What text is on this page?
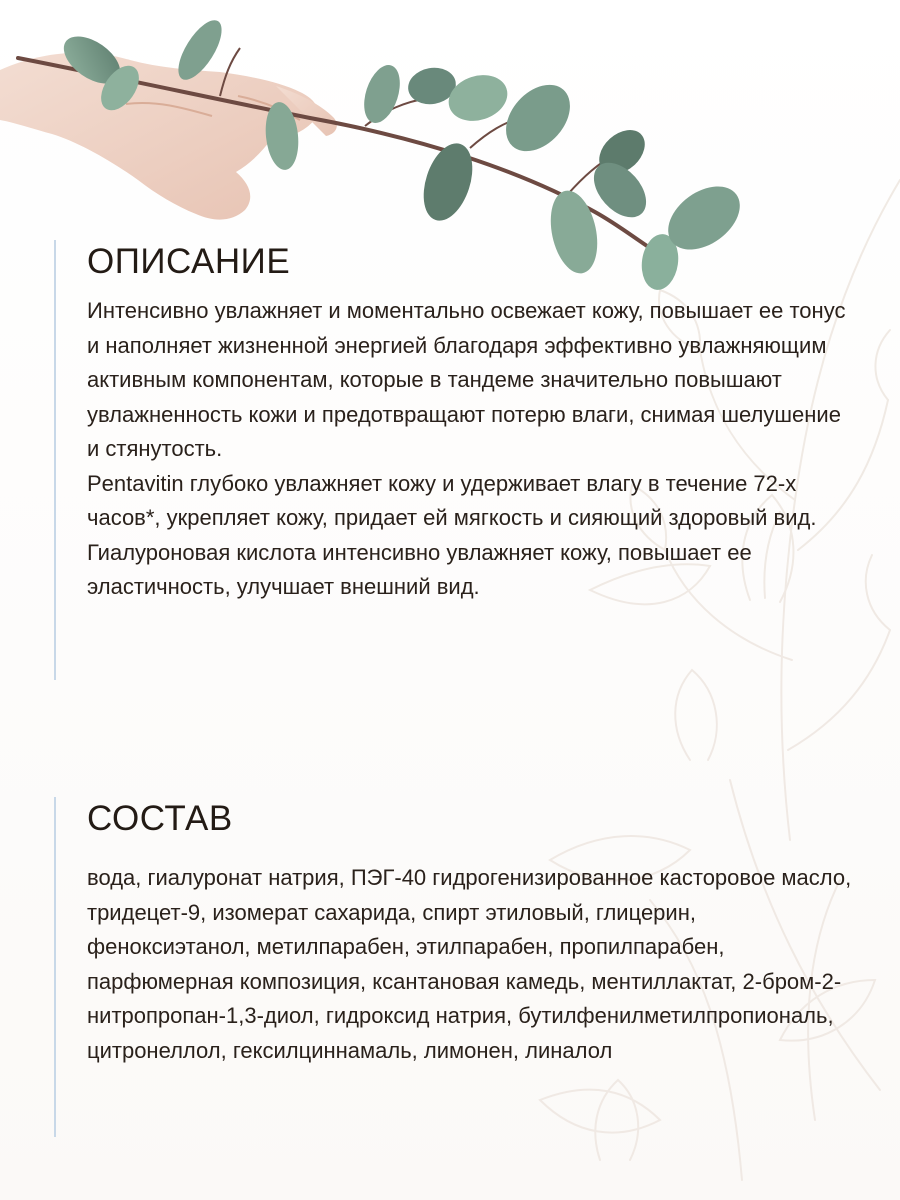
ОПИСАНИЕ

Интенсивно увлажняет и моментально освежает кожу, повышает ее тонус и наполняет жизненной энергией благодаря эффективно увлажняющим активным компонентам, которые в тандеме значительно повышают увлажненность кожи и предотвращают потерю влаги, снимая шелушение и стянутость.

Pentavitin глубоко увлажняет кожу и удерживает влагу в течение 72-х часов*, укрепляет кожу, придает ей мягкость и сияющий здоровый вид. Гиалуроновая кислота интенсивно увлажняет кожу, повышает ее эластичность, улучшает внешний вид.

СОСТАВ

вода, гиалуронат натрия, ПЭГ-40 гидрогенизированное касторовое масло, тридецет-9, изомерат сахарида, спирт этиловый, глицерин, феноксиэтанол, метилпарабен, этилпарабен, пропилпарабен, парфюмерная композиция, ксантановая камедь, ментиллактат, 2-бром-2-нитропропан-1,3-диол, гидроксид натрия, бутилфенилметилпропиональ, цитронеллол, гексилциннамаль, лимонен, линалол
